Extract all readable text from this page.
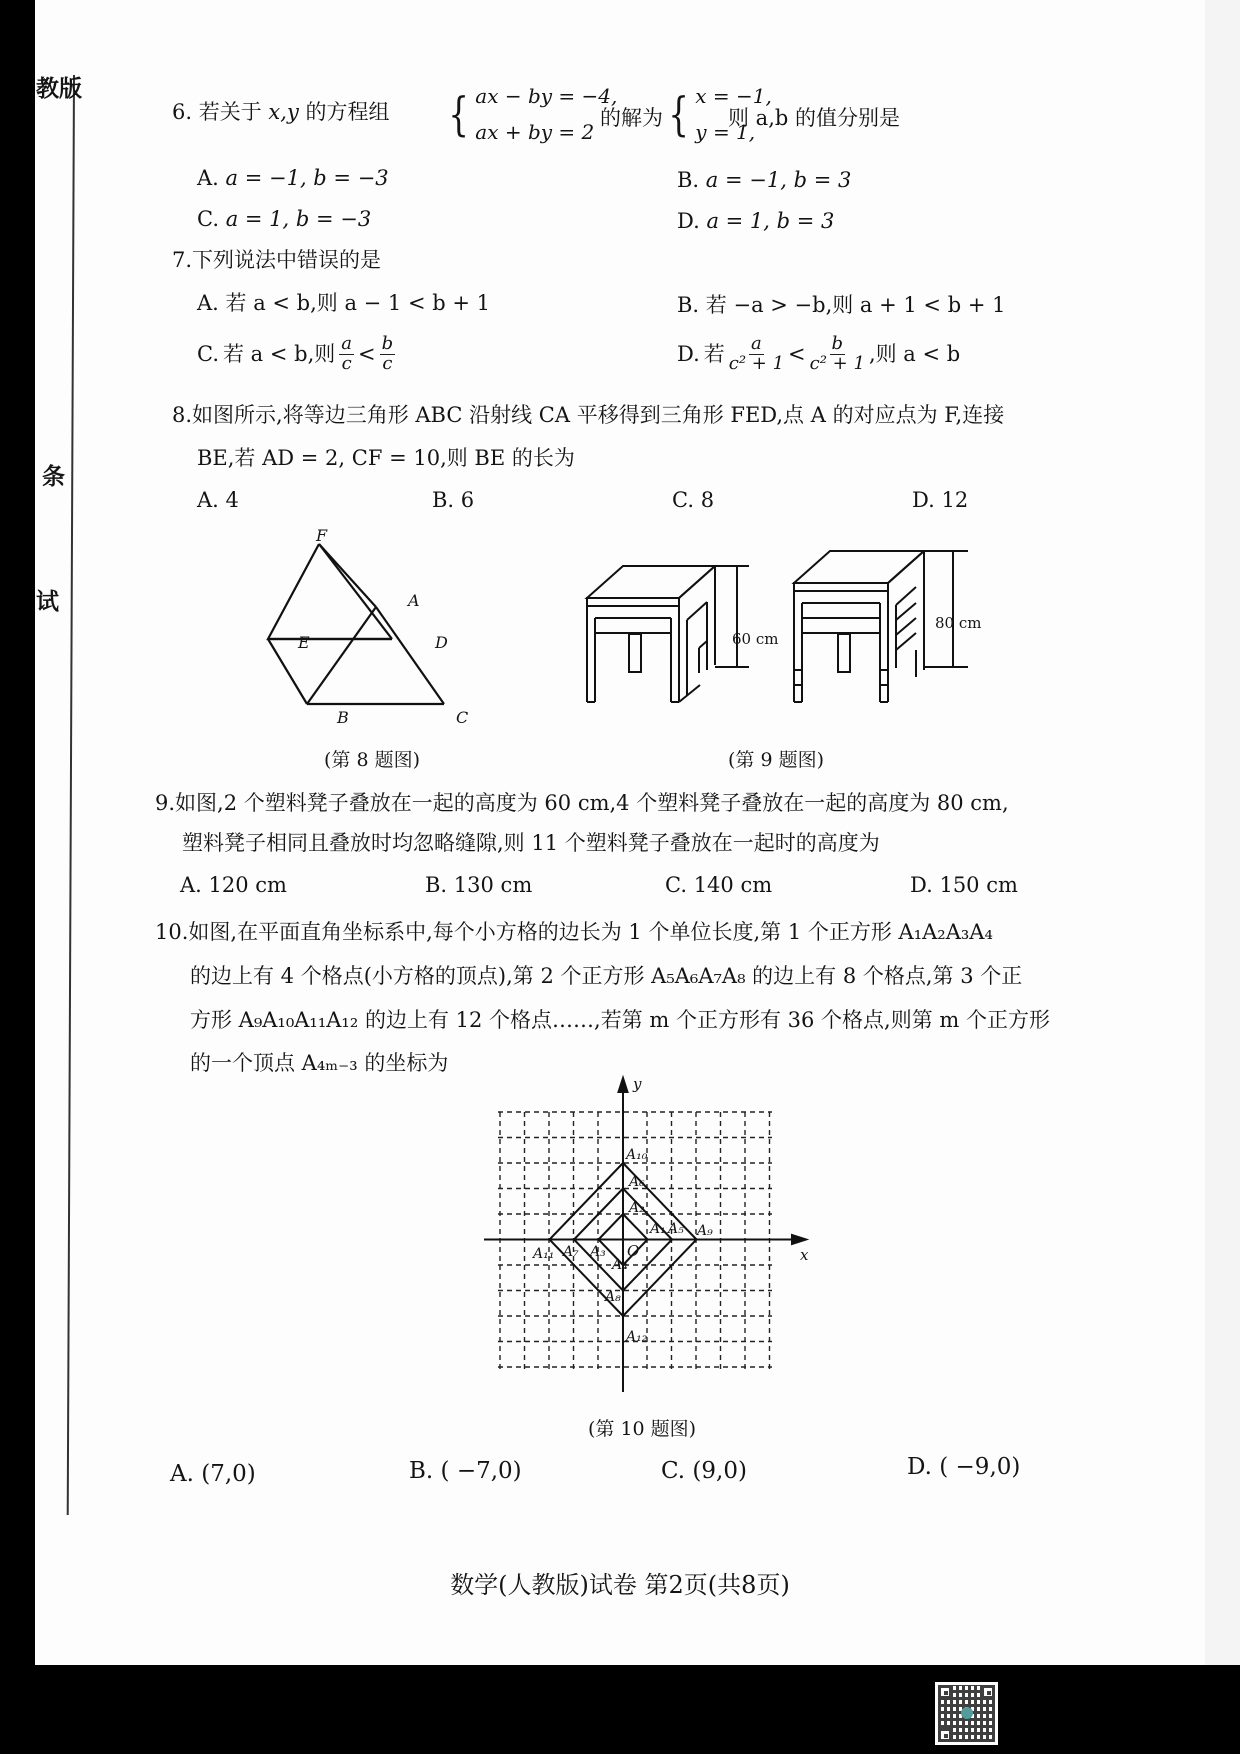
教版
条
试
6. 若关于 x,y 的方程组 { ax − by = −4,
ax + by = 2
的解为 { x = −1,
y = 1,
则 a,b 的值分别是
A. a = −1, b = −3	B. a = −1, b = 3
C. a = 1, b = −3	D. a = 1, b = 3
7.下列说法中错误的是
A. 若 a < b,则 a − 1 < b + 1	B. 若 −a > −b,则 a + 1 < b + 1
C. 若 a < b,则 $\frac{a}{c} < \frac{b}{c}$	D. 若 $\frac{a}{\text{c² + 1}} < \frac{b}{\text{c² + 1}}$ ,则 a < b
8.如图所示,将等边三角形 ABC 沿射线 CA 平移得到三角形 FED,点 A 的对应点为 F,连接
BE,若 AD = 2, CF = 10,则 BE 的长为
A. 4	B. 6	C. 8	D. 12
F
A
E	D
B	C
(第 8 题图)
60 cm
80 cm
(第 9 题图)
9.如图,2 个塑料凳子叠放在一起的高度为 60 cm,4 个塑料凳子叠放在一起的高度为 80 cm,
塑料凳子相同且叠放时均忽略缝隙,则 11 个塑料凳子叠放在一起时的高度为
A. 120 cm	B. 130 cm	C. 140 cm	D. 150 cm
10.如图,在平面直角坐标系中,每个小方格的边长为 1 个单位长度,第 1 个正方形 A₁A₂A₃A₄
的边上有 4 个格点(小方格的顶点),第 2 个正方形 A₅A₆A₇A₈ 的边上有 8 个格点,第 3 个正
方形 A₉A₁₀A₁₁A₁₂ 的边上有 12 个格点……,若第 m 个正方形有 36 个格点,则第 m 个正方形
的一个顶点 A₄ₘ₋₃ 的坐标为
y
x
O
A₁₀
A₆
A₂
A₁ A₅ A₉
A₁₁ A₇ A₃
A₄
A₈
A₁₂
(第 10 题图)
A. (7,0)	B. ( −7,0)	C. (9,0)	D. ( −9,0)
数学(人教版)试卷 第2页(共8页)
